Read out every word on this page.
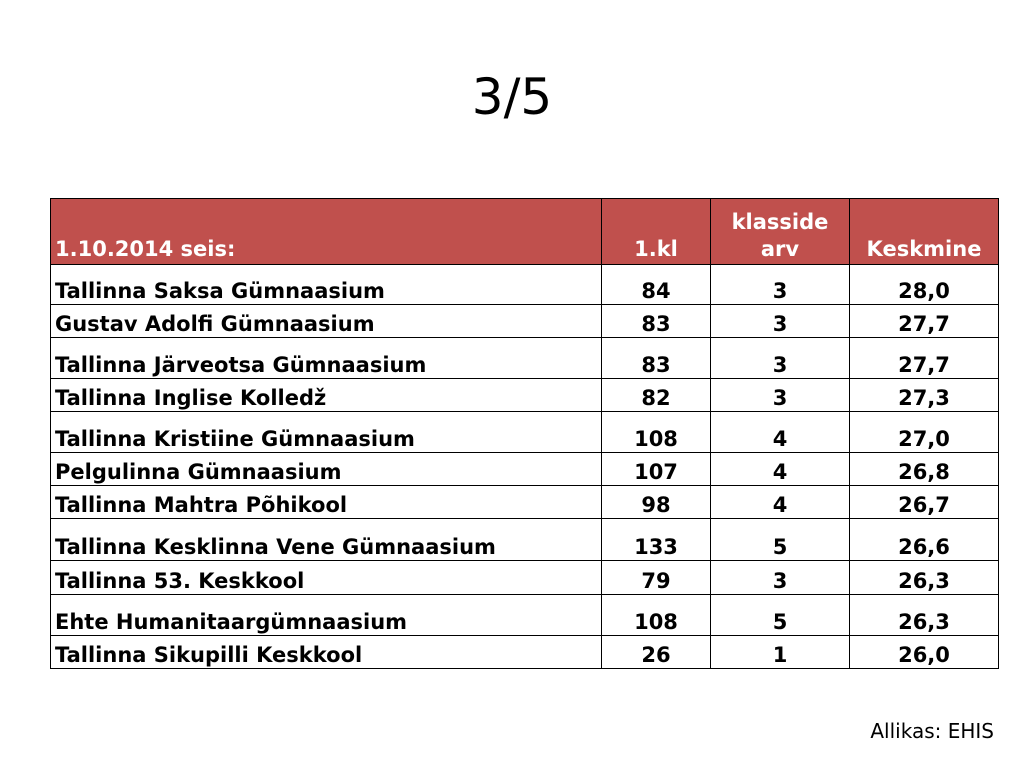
3/5
1.10.2014 seis:	1.kl	klasside arv	Keskmine
Tallinna Saksa Gümnaasium	84	3	28,0
Gustav Adolfi Gümnaasium	83	3	27,7
Tallinna Järveotsa Gümnaasium	83	3	27,7
Tallinna Inglise Kolledž	82	3	27,3
Tallinna Kristiine Gümnaasium	108	4	27,0
Pelgulinna Gümnaasium	107	4	26,8
Tallinna Mahtra Põhikool	98	4	26,7
Tallinna Kesklinna Vene Gümnaasium	133	5	26,6
Tallinna 53. Keskkool	79	3	26,3
Ehte Humanitaargümnaasium	108	5	26,3
Tallinna Sikupilli Keskkool	26	1	26,0
Allikas: EHIS
